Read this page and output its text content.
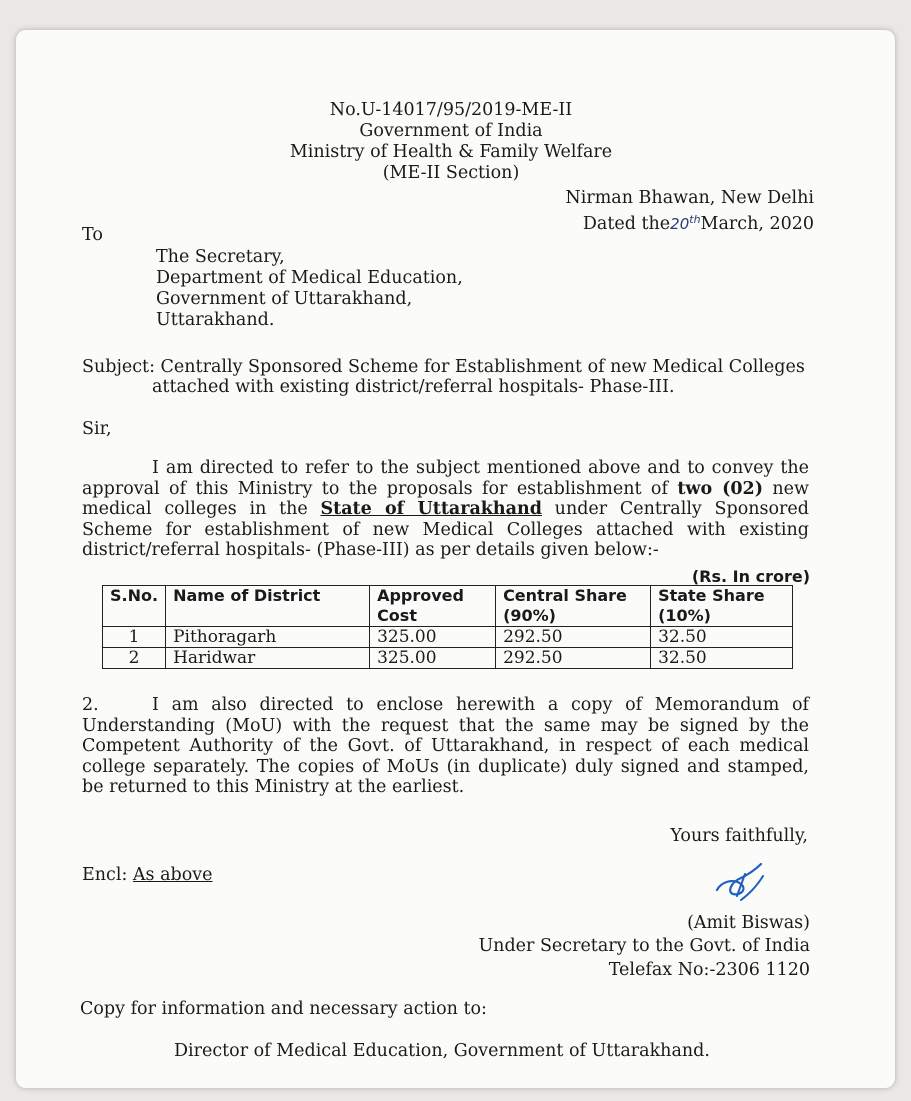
No.U-14017/95/2019-ME-II
Government of India
Ministry of Health & Family Welfare
(ME-II Section)
Nirman Bhawan, New Delhi
Dated the20thMarch, 2020
To
The Secretary,
Department of Medical Education,
Government of Uttarakhand,
Uttarakhand.
Subject: Centrally Sponsored Scheme for Establishment of new Medical Colleges
attached with existing district/referral hospitals- Phase-III.
Sir,
I am directed to refer to the subject mentioned above and to convey the approval of this Ministry to the proposals for establishment of two (02) new medical colleges in the State of Uttarakhand under Centrally Sponsored Scheme for establishment of new Medical Colleges attached with existing district/referral hospitals- (Phase-III) as per details given below:-
(Rs. In crore)
S.No.	Name of District	Approved Cost	Central Share (90%)	State Share (10%)
1	Pithoragarh	325.00	292.50	32.50
2	Haridwar	325.00	292.50	32.50
2.	I am also directed to enclose herewith a copy of Memorandum of Understanding (MoU) with the request that the same may be signed by the Competent Authority of the Govt. of Uttarakhand, in respect of each medical college separately. The copies of MoUs (in duplicate) duly signed and stamped, be returned to this Ministry at the earliest.
Yours faithfully,
Encl: As above
(Amit Biswas)
Under Secretary to the Govt. of India
Telefax No:-2306 1120
Copy for information and necessary action to:
Director of Medical Education, Government of Uttarakhand.
